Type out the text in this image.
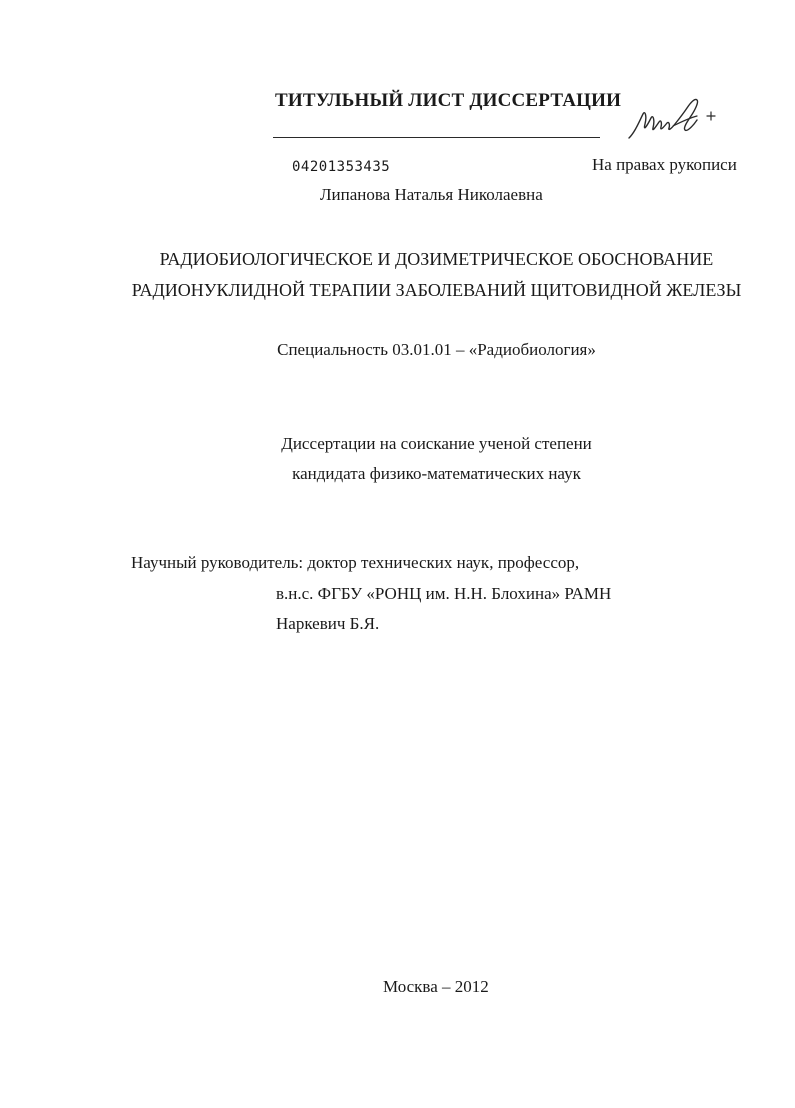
ТИТУЛЬНЫЙ ЛИСТ ДИССЕРТАЦИИ
04201353435	На правах рукописи
Липанова Наталья Николаевна
РАДИОБИОЛОГИЧЕСКОЕ И ДОЗИМЕТРИЧЕСКОЕ ОБОСНОВАНИЕ
РАДИОНУКЛИДНОЙ ТЕРАПИИ ЗАБОЛЕВАНИЙ ЩИТОВИДНОЙ ЖЕЛЕЗЫ
Специальность 03.01.01 – «Радиобиология»
Диссертации на соискание ученой степени
кандидата физико-математических наук
Научный руководитель: доктор технических наук, профессор,
в.н.с. ФГБУ «РОНЦ им. Н.Н. Блохина» РАМН
Наркевич Б.Я.
Москва – 2012
